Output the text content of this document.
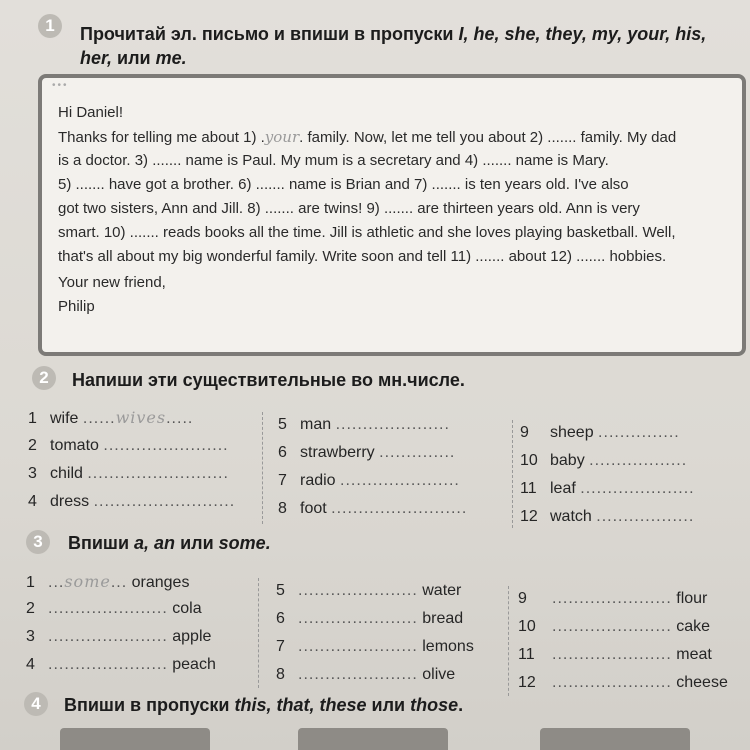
1	Прочитай эл. письмо и впиши в пропуски I, he, she, they, my, your, his,
her, или me.
•••
Hi Daniel!
Thanks for telling me about 1) .your. family. Now, let me tell you about 2) ....... family. My dad
is a doctor. 3) ....... name is Paul. My mum is a secretary and 4) ....... name is Mary.
5) ....... have got a brother. 6) ....... name is Brian and 7) ....... is ten years old. I've also
got two sisters, Ann and Jill. 8) ....... are twins! 9) ....... are thirteen years old. Ann is very
smart. 10) ....... reads books all the time. Jill is athletic and she loves playing basketball. Well,
that's all about my big wonderful family. Write soon and tell 11) ....... about 12) ....... hobbies.
Your new friend,
Philip
2	Напиши эти существительные во мн.числе.
1 wife ......wives.....
2 tomato .......................
3 child ..........................
4 dress ..........................
5 man .....................
6 strawberry ..............
7 radio ......................
8 foot .........................
9 sheep ...............
10 baby ..................
11 leaf .....................
12 watch ..................
3	Впиши a, an или some.
1 ...some... oranges
2 ...................... cola
3 ...................... apple
4 ...................... peach
5 ...................... water
6 ...................... bread
7 ...................... lemons
8 ...................... olive
9 ...................... flour
10 ...................... cake
11 ...................... meat
12 ...................... cheese
4	Впиши в пропуски this, that, these или those.
